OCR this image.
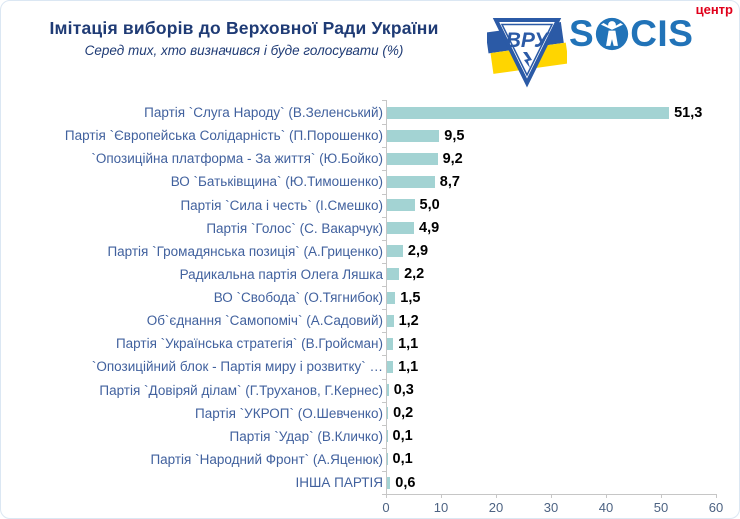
Імітація виборів до Верховної Ради України
Серед тих, хто визначився і буде голосувати (%)	ВРУ
центр
S CIS
Партія `Слуга Народу` (В.Зеленський)	51,3
Партія `Європейська Солідарність` (П.Порошенко)	9,5
`Опозиційна платформа - За життя` (Ю.Бойко)	9,2
ВО `Батьківщина` (Ю.Тимошенко)	8,7
Партія `Сила і честь` (І.Смешко)	5,0
Партія `Голос` (С. Вакарчук) 4,9
Партія `Громадянська позиція` (А.Гриценко) 2,9
Радикальна партія Олега Ляшка 2,2
ВО `Свобода` (О.Тягнибок) 1,5
Об`єднання `Самопоміч` (А.Садовий) 1,2
Партія `Українська стратегія` (В.Гройсман) 1,1
`Опозиційний блок - Партія миру і розвитку` … 1,1
Партія `Довіряй ділам` (Г.Труханов, Г.Кернес) 0,3
Партія `УКРОП` (О.Шевченко) 0,2
Партія `Удар` (В.Кличко) 0,1
Партія `Народний Фронт` (А.Яценюк) 0,1
ІНША ПАРТІЯ 0,6
0	10	20	30	40	50	60
